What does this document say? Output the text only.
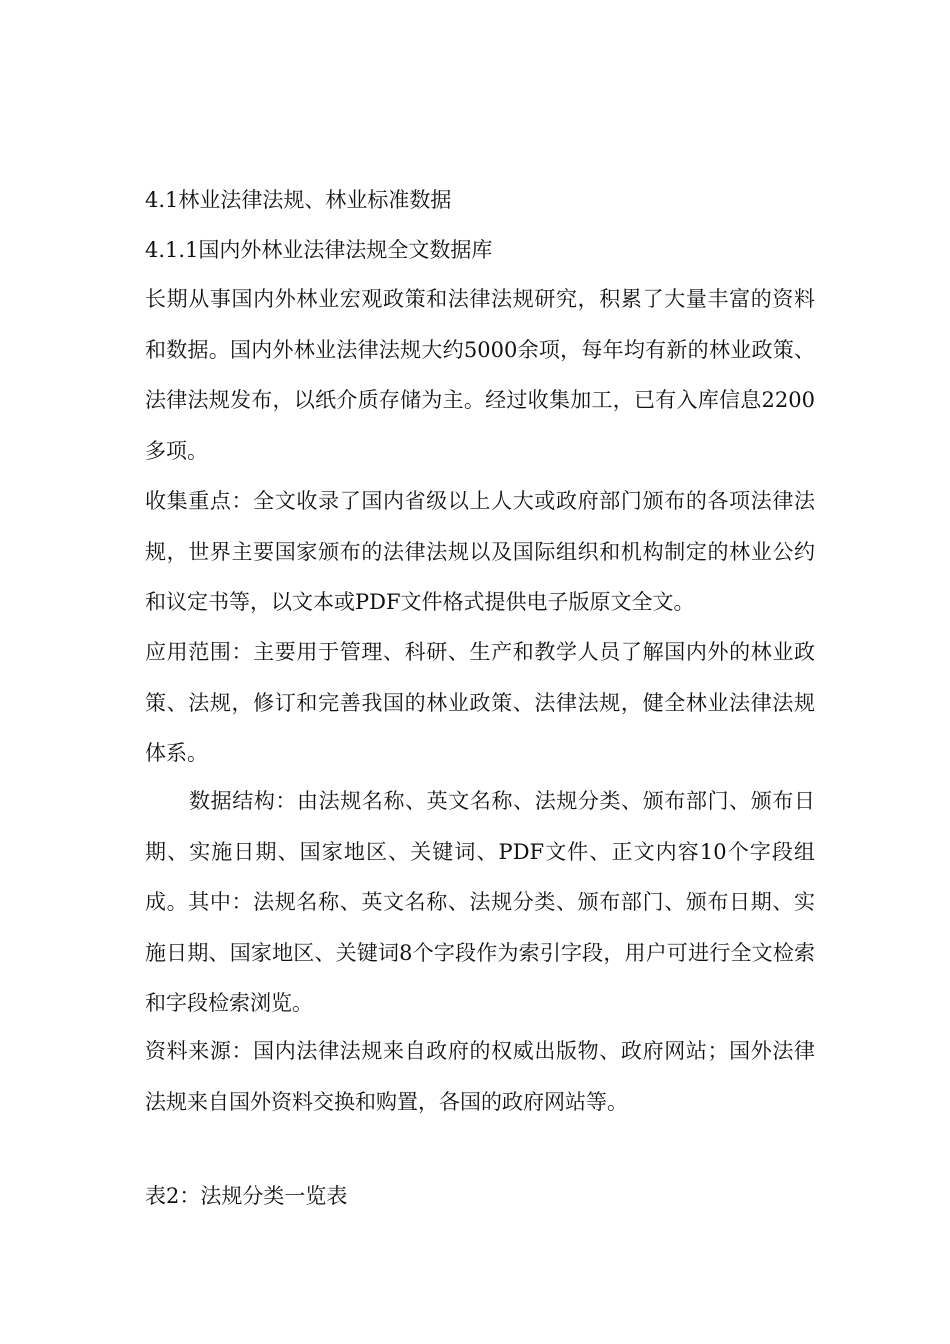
4.1林业法律法规、林业标准数据
4.1.1国内外林业法律法规全文数据库

长期从事国内外林业宏观政策和法律法规研究，积累了大量丰富的资料和数据。国内外林业法律法规大约5000余项，每年均有新的林业政策、法律法规发布，以纸介质存储为主。经过收集加工，已有入库信息2200多项。

收集重点：全文收录了国内省级以上人大或政府部门颁布的各项法律法规，世界主要国家颁布的法律法规以及国际组织和机构制定的林业公约和议定书等，以文本或PDF文件格式提供电子版原文全文。

应用范围：主要用于管理、科研、生产和教学人员了解国内外的林业政策、法规，修订和完善我国的林业政策、法律法规，健全林业法律法规体系。

数据结构：由法规名称、英文名称、法规分类、颁布部门、颁布日期、实施日期、国家地区、关键词、PDF文件、正文内容10个字段组成。其中：法规名称、英文名称、法规分类、颁布部门、颁布日期、实施日期、国家地区、关键词8个字段作为索引字段，用户可进行全文检索和字段检索浏览。

资料来源：国内法律法规来自政府的权威出版物、政府网站；国外法律法规来自国外资料交换和购置，各国的政府网站等。

表2：法规分类一览表
